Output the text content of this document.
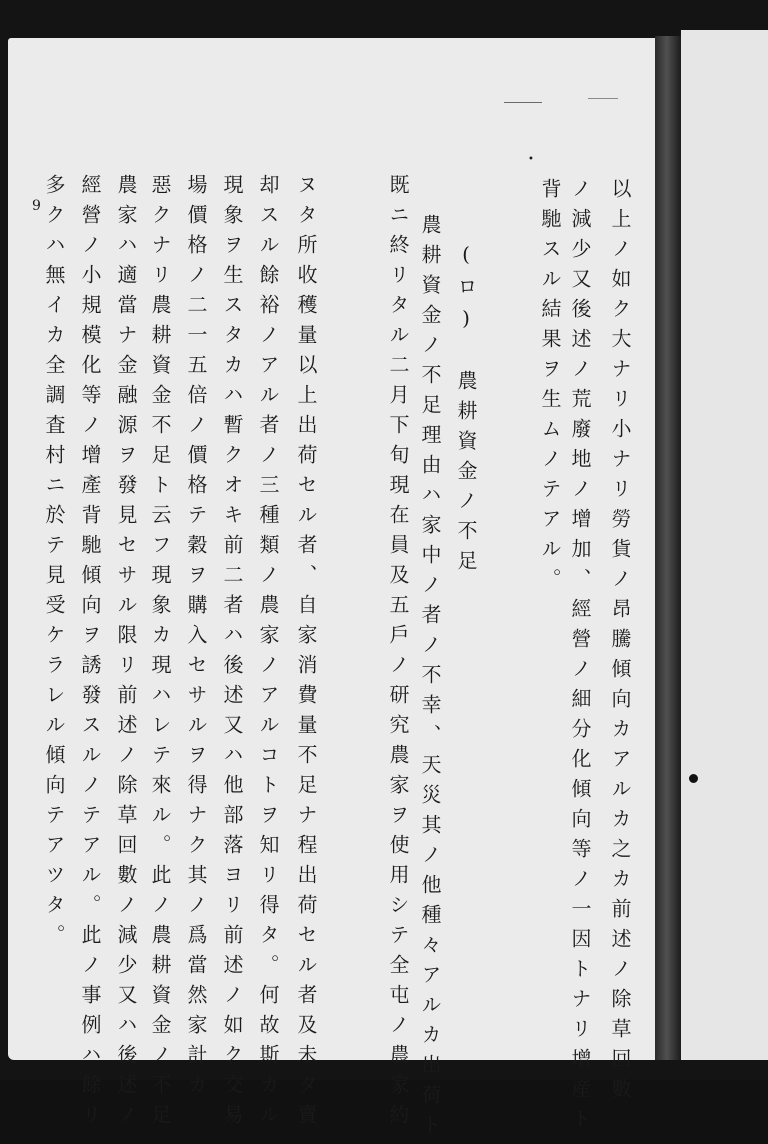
以上ノ如ク大ナリ小ナリ勞貨ノ昂騰傾向カアルカ之カ前述ノ除草回數
ノ減少又後述ノ荒廢地ノ增加、經營ノ細分化傾向等ノ一因トナリ增産ト
背馳スル結果ヲ生ムノテアル。
(ロ)　農耕資金ノ不足
農耕資金ノ不足理由ハ家中ノ者ノ不幸、天災其ノ他種々アルカ出荷ト
既ニ終リタル二月下旬現在員及五戶ノ研究農家ヲ使用シテ全屯ノ農家約
ヌタ所收穫量以上出荷セル者、自家消費量不足ナ程出荷セル者及未タ賣
却スル餘裕ノアル者ノ三種類ノ農家ノアルコトヲ知リ得タ。何故斯カル
現象ヲ生スタカハ暫クオキ前二者ハ後述又ハ他部落ヨリ前述ノ如ク交易
場價格ノ二一五倍ノ價格テ穀ヲ購入セサルヲ得ナク其ノ爲當然家計カ
惡クナリ農耕資金不足ト云フ現象カ現ハレテ來ル。此ノ農耕資金ノ不足
農家ハ適當ナ金融源ヲ發見セサル限リ前述ノ除草回數ノ減少又ハ後述ノ
經營ノ小規模化等ノ增產背馳傾向ヲ誘發スルノテアル。此ノ事例ハ餘リ
多クハ無イカ全調査村ニ於テ見受ケラレル傾向テアツタ。
9
•
